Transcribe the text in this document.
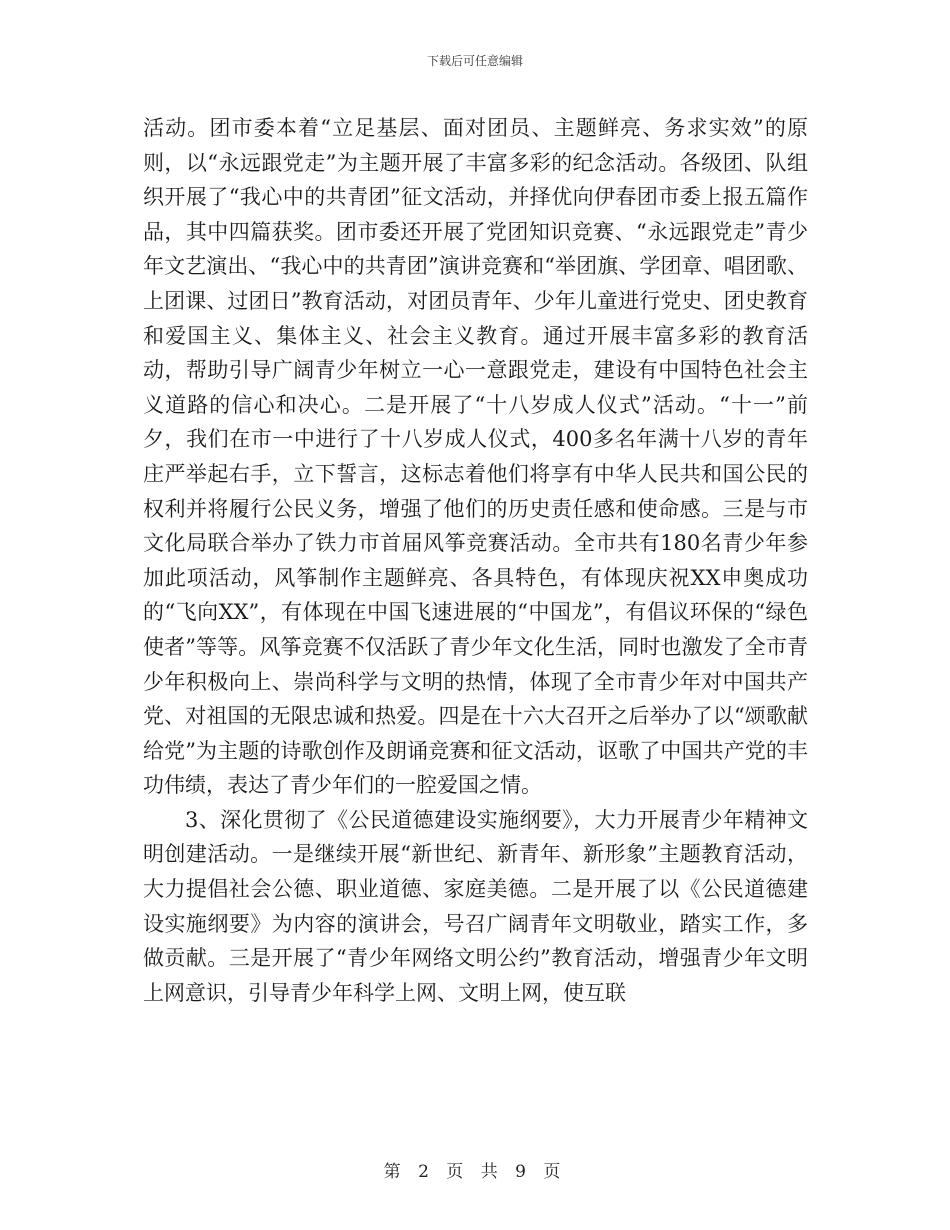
下载后可任意编辑

活动。团市委本着“立足基层、面对团员、主题鲜亮、务求实效”的原则，以“永远跟党走”为主题开展了丰富多彩的纪念活动。各级团、队组织开展了“我心中的共青团”征文活动，并择优向伊春团市委上报五篇作品，其中四篇获奖。团市委还开展了党团知识竞赛、“永远跟党走”青少年文艺演出、“我心中的共青团”演讲竞赛和“举团旗、学团章、唱团歌、上团课、过团日”教育活动，对团员青年、少年儿童进行党史、团史教育和爱国主义、集体主义、社会主义教育。通过开展丰富多彩的教育活动，帮助引导广阔青少年树立一心一意跟党走，建设有中国特色社会主义道路的信心和决心。二是开展了“十八岁成人仪式”活动。“十一”前夕，我们在市一中进行了十八岁成人仪式，400多名年满十八岁的青年庄严举起右手，立下誓言，这标志着他们将享有中华人民共和国公民的权利并将履行公民义务，增强了他们的历史责任感和使命感。三是与市文化局联合举办了铁力市首届风筝竞赛活动。全市共有180名青少年参加此项活动，风筝制作主题鲜亮、各具特色，有体现庆祝XX申奥成功的“飞向XX”，有体现在中国飞速进展的“中国龙”，有倡议环保的“绿色使者”等等。风筝竞赛不仅活跃了青少年文化生活，同时也激发了全市青少年积极向上、崇尚科学与文明的热情，体现了全市青少年对中国共产党、对祖国的无限忠诚和热爱。四是在十六大召开之后举办了以“颂歌献给党”为主题的诗歌创作及朗诵竞赛和征文活动，讴歌了中国共产党的丰功伟绩，表达了青少年们的一腔爱国之情。

3、深化贯彻了《公民道德建设实施纲要》，大力开展青少年精神文明创建活动。一是继续开展“新世纪、新青年、新形象”主题教育活动，大力提倡社会公德、职业道德、家庭美德。二是开展了以《公民道德建设实施纲要》为内容的演讲会，号召广阔青年文明敬业，踏实工作，多做贡献。三是开展了“青少年网络文明公约”教育活动，增强青少年文明上网意识，引导青少年科学上网、文明上网，使互联

第 2 页 共 9 页
